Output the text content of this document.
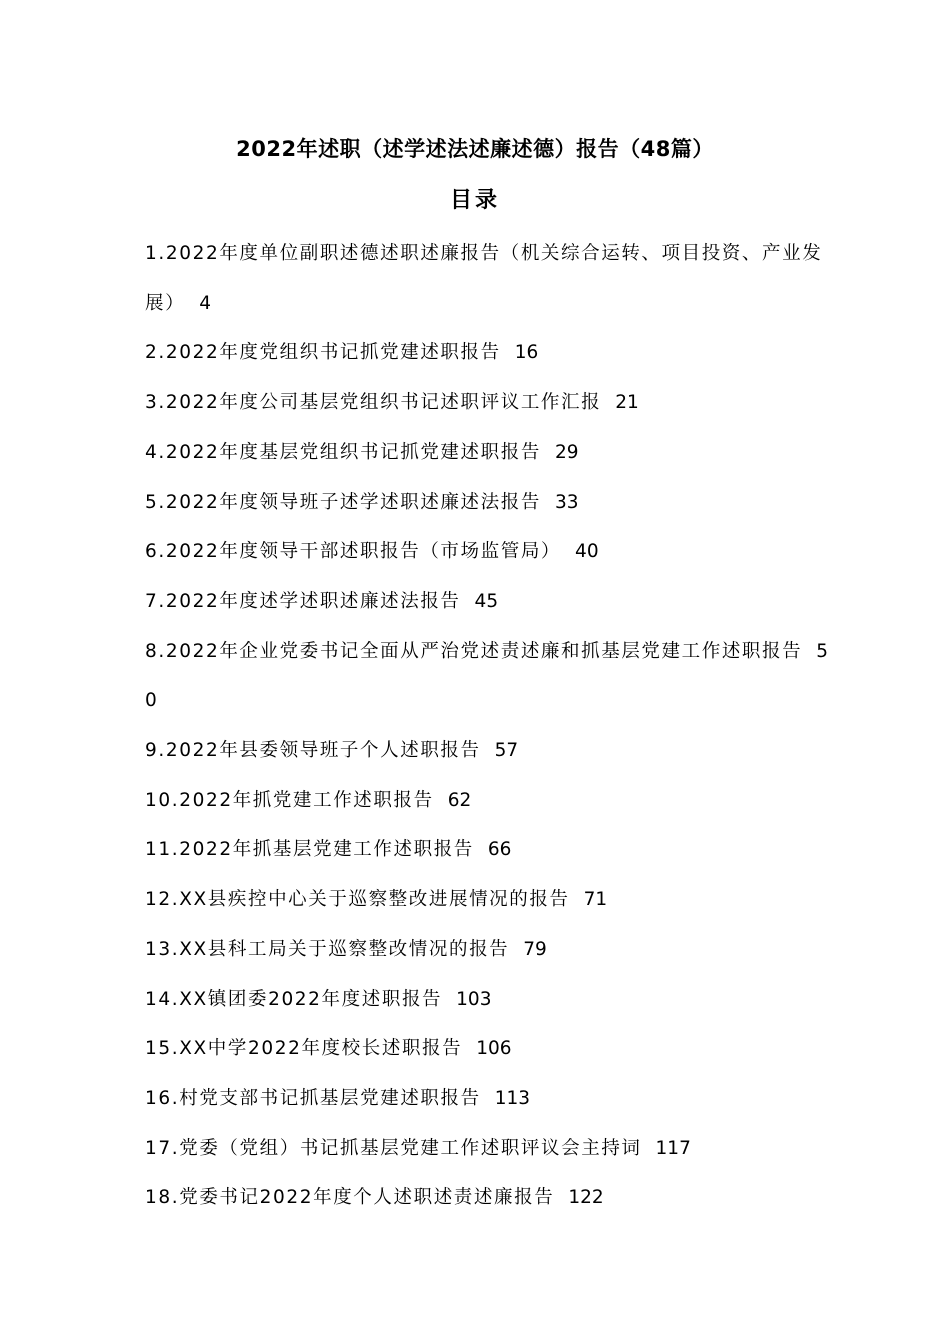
2022年述职（述学述法述廉述德）报告（48篇）
目录
1.2022年度单位副职述德述职述廉报告（机关综合运转、项目投资、产业发展） 4
2.2022年度党组织书记抓党建述职报告 16
3.2022年度公司基层党组织书记述职评议工作汇报 21
4.2022年度基层党组织书记抓党建述职报告 29
5.2022年度领导班子述学述职述廉述法报告 33
6.2022年度领导干部述职报告（市场监管局） 40
7.2022年度述学述职述廉述法报告 45
8.2022年企业党委书记全面从严治党述责述廉和抓基层党建工作述职报告 50
9.2022年县委领导班子个人述职报告 57
10.2022年抓党建工作述职报告 62
11.2022年抓基层党建工作述职报告 66
12.XX县疾控中心关于巡察整改进展情况的报告 71
13.XX县科工局关于巡察整改情况的报告 79
14.XX镇团委2022年度述职报告 103
15.XX中学2022年度校长述职报告 106
16.村党支部书记抓基层党建述职报告 113
17.党委（党组）书记抓基层党建工作述职评议会主持词 117
18.党委书记2022年度个人述职述责述廉报告 122
